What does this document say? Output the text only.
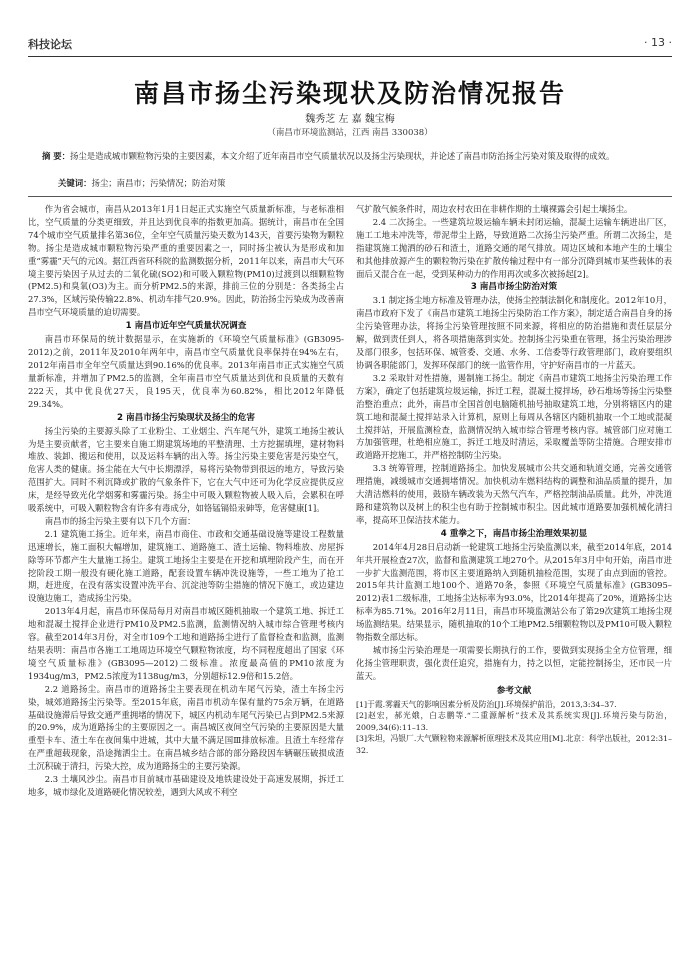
科技论坛	· 13 ·
南昌市扬尘污染现状及防治情况报告
魏秀芝 左 嘉 魏宝梅
（南昌市环境监测站，江西 南昌 330038）
摘 要：扬尘是造成城市颗粒物污染的主要因素，本文介绍了近年南昌市空气质量状况以及扬尘污染现状，并论述了南昌市防治扬尘污染对策及取得的成效。
关键词：扬尘；南昌市；污染情况；防治对策

作为省会城市，南昌从2013年1月1日起正式实施空气质量新标准，与老标准相比，空气质量的分类更细致，并且达到优良率的指数更加高。据统计，南昌市在全国74个城市空气质量排名第36位，全年空气质量污染天数为143天，首要污染物为颗粒物。扬尘是造成城市颗粒物污染严重的重要因素之一，同时扬尘被认为是形成和加重“雾霾”天气的元凶。据江西省环科院的监测数据分析，2011年以来，南昌市大气环境主要污染因子从过去的二氧化硫(SO2)和可吸入颗粒物(PM10)过渡到以细颗粒物(PM2.5)和臭氧(O3)为主。而分析PM2.5的来源，排前三位的分别是：各类扬尘占27.3%，区域污染传输22.8%、机动车排气20.9%。因此，防治扬尘污染成为改善南昌市空气环境质量的迫切需要。

1 南昌市近年空气质量状况调查

南昌市环保局的统计数据显示，在实施新的《环境空气质量标准》(GB3095-2012)之前，2011年及2010年两年中，南昌市空气质量优良率保持在94%左右，2012年南昌市全年空气质量达到90.16%的优良率。2013年南昌市正式实施空气质量新标准，并增加了PM2.5的监测，全年南昌市空气质量达到优和良质量的天数有222天，其中优良优27天，良195天，优良率为60.82%，相比2012年降低29.34%。

2 南昌市扬尘污染现状及扬尘的危害

扬尘污染的主要源头除了工业粉尘、工业烟尘、汽车尾气外，建筑工地扬尘被认为是主要贡献者，它主要来自施工期建筑场地的平整清理、土方挖掘填埋，建材物料堆放、装卸、搬运和使用，以及运料车辆的出入等。扬尘污染主要危害是污染空气，危害人类的健康。扬尘能在大气中长期漂浮，易将污染物带到很远的地方，导致污染范围扩大。同时不利沉降或扩散的气象条件下，它在大气中还可为化学反应提供反应床，是经导致光化学烟雾和雾霾污染。扬尘中可吸入颗粒物被人吸入后，会累积在呼吸系统中，可吸入颗粒物含有许多有毒成分，如铬锰镉铅汞砷等，危害健康[1]。

南昌市的扬尘污染主要有以下几个方面：

2.1 建筑施工扬尘。近年来，南昌市商住、市政和交通基础设施等建设工程数量迅速增长，施工面积大幅增加，建筑施工、道路施工、渣土运输、物料堆放、房屋拆除等环节都产生大量施工扬尘。建筑工地扬尘主要是在开挖和填埋阶段产生，而在开挖阶段工期一般没有硬化施工道路，配套设置车辆冲洗设施等，一些工地为了抢工期，赶进度，在没有落实设置冲洗平台、沉淀池等防尘措施的情况下施工，或边建边设施边施工，造成扬尘污染。

2013年4月起，南昌市环保局每月对南昌市城区随机抽取一个建筑工地、拆迁工地和混凝土搅拌企业进行PM10及PM2.5监测，监测情况纳入城市综合管理考核内容。截至2014年3月份，对全市109个工地和道路扬尘进行了监督检查和监测，监测结果表明：南昌市各施工工地周边环境空气颗粒物浓度，均不同程度超出了国家《环境空气质量标准》(GB3095—2012)二级标准。浓度最高值的PM10浓度为1934ug/m3，PM2.5浓度为1138ug/m3，分别超标12.9倍和15.2倍。

2.2 道路扬尘。南昌市的道路扬尘主要表现在机动车尾气污染，渣土车扬尘污染，城郊道路扬尘污染等。至2015年底，南昌市机动车保有量约75余万辆，在道路基础设施滞后导致交通严重拥堵的情况下，城区内机动车尾气污染已占到PM2.5来源的20.9%，成为道路扬尘的主要原因之一。南昌城区夜间空气污染的主要原因是大量重型卡车、渣土车在夜间集中进城，其中大量不满足国Ⅲ排放标准。且渣土车经常存在严重超载现象，沿途抛洒尘土。在南昌城乡结合部的部分路段因车辆碾压破损成渣土沉积硫于清扫，污染大控，成为道路扬尘的主要污染源。

2.3 土壤风沙尘。南昌市目前城市基础建设及地铁建设处于高速发展期，拆迁工地多，城市绿化及道路硬化情况较差，遇到大风或不利空

气扩散气候条件时，周边农村农田在非耕作期的土壤裸露会引起土壤扬尘。

2.4 二次扬尘。一些建筑垃圾运输车辆未封闭运输，混凝土运输车辆进出厂区，施工工地未冲洗等，带泥带尘上路，导致道路二次扬尘污染严重。所谓二次扬尘，是指建筑施工抛洒的砂石和渣土，道路交通的尾气排放。周边区域和本地产生的土壤尘和其他排放源产生的颗粒物污染在扩散传输过程中有一部分沉降到城市某些载体的表面后又混合在一起，受到某种动力的作用再次或多次被扬起[2]。

3 南昌市扬尘防治对策

3.1 制定扬尘地方标准及管理办法，使扬尘控制法制化和制度化。2012年10月，南昌市政府下发了《南昌市建筑工地扬尘污染防治工作方案》，制定适合南昌自身的扬尘污染管理办法，将扬尘污染管理按照不同来源，将相应的防治措施和责任层层分解，做到责任到人，将各项措施落到实处。控制扬尘污染重在管理，扬尘污染治理涉及部门很多，包括环保、城管委、交通、水务、工信委等行政管理部门，政府要组织协调各职能部门，发挥环保部门的统一监管作用，守护好南昌市的一片蓝天。

3.2 采取针对性措施，遏制施工扬尘。制定《南昌市建筑工地扬尘污染治理工作方案》，确定了包括建筑垃圾运输，拆迁工程，混凝土搅拌场，砂石堆场等扬尘污染整治整治重点；此外，南昌市全国首创电脑随机抽号抽取建筑工地，分别将辖区内的建筑工地和混凝土搅拌站录入计算机，原则上每周从各辖区内随机抽取一个工地或混凝土搅拌站，开展监测检查，监测情况纳入城市综合管理考核内容。城管部门应对施工方加强管理，杜绝相应施工，拆迁工地及时清运，采取覆盖等防尘措施。合理安排市政道路开挖施工，并严格控制防尘污染。

3.3 统筹管理，控制道路扬尘。加快发展城市公共交通和轨道交通，完善交通管理措施，减缓城市交通拥堵情况。加快机动车燃料结构的调整和油品质量的提升，加大清洁燃料的使用，鼓励车辆改装为天然气汽车，严格控制油品质量。此外，冲洗道路和建筑物以及树上的积尘也有助于控制城市积尘。因此城市道路要加强机械化清扫率，提高环卫保洁技术能力。

4 重拳之下，南昌市扬尘治理效果初显

2014年4月28日启动新一轮建筑工地扬尘污染监测以来，截至2014年底，2014年共开展检查27次，监督和监测建筑工地270个。从2015年3月中旬开始，南昌市进一步扩大监测范围，将市区主要道路纳入到随机抽检范围，实现了由点到面的管控。2015年共计监测工地100个、道路70条，参照《环境空气质量标准》(GB3095–2012)表1二级标准，工地扬尘达标率为93.0%，比2014年提高了20%，道路扬尘达标率为85.71%。2016年2月11日，南昌市环境监测站公布了第29次建筑工地扬尘现场监测结果。结果显示，随机抽取的10个工地PM2.5细颗粒物以及PM10可吸入颗粒物指数全部达标。

城市扬尘污染治理是一项需要长期执行的工作，要做到实现扬尘全方位管理，细化扬尘管理职责，强化责任追究，措施有力，持之以恒，定能控制扬尘，还市民一片蓝天。

参考文献
[1]于霞.雾霾天气的影响因素分析及防治[J].环境保护前沿，2013,3:34–37.
[2]赵宏，郝光娥，白志鹏等.“二重源解析”技术及其系统实现[J].环境污染与防治，2009,34(6):11–13.
[3]朱坦，冯银厂.大气颗粒物来源解析原理技术及其应用[M].北京：科学出版社，2012:31–32.
